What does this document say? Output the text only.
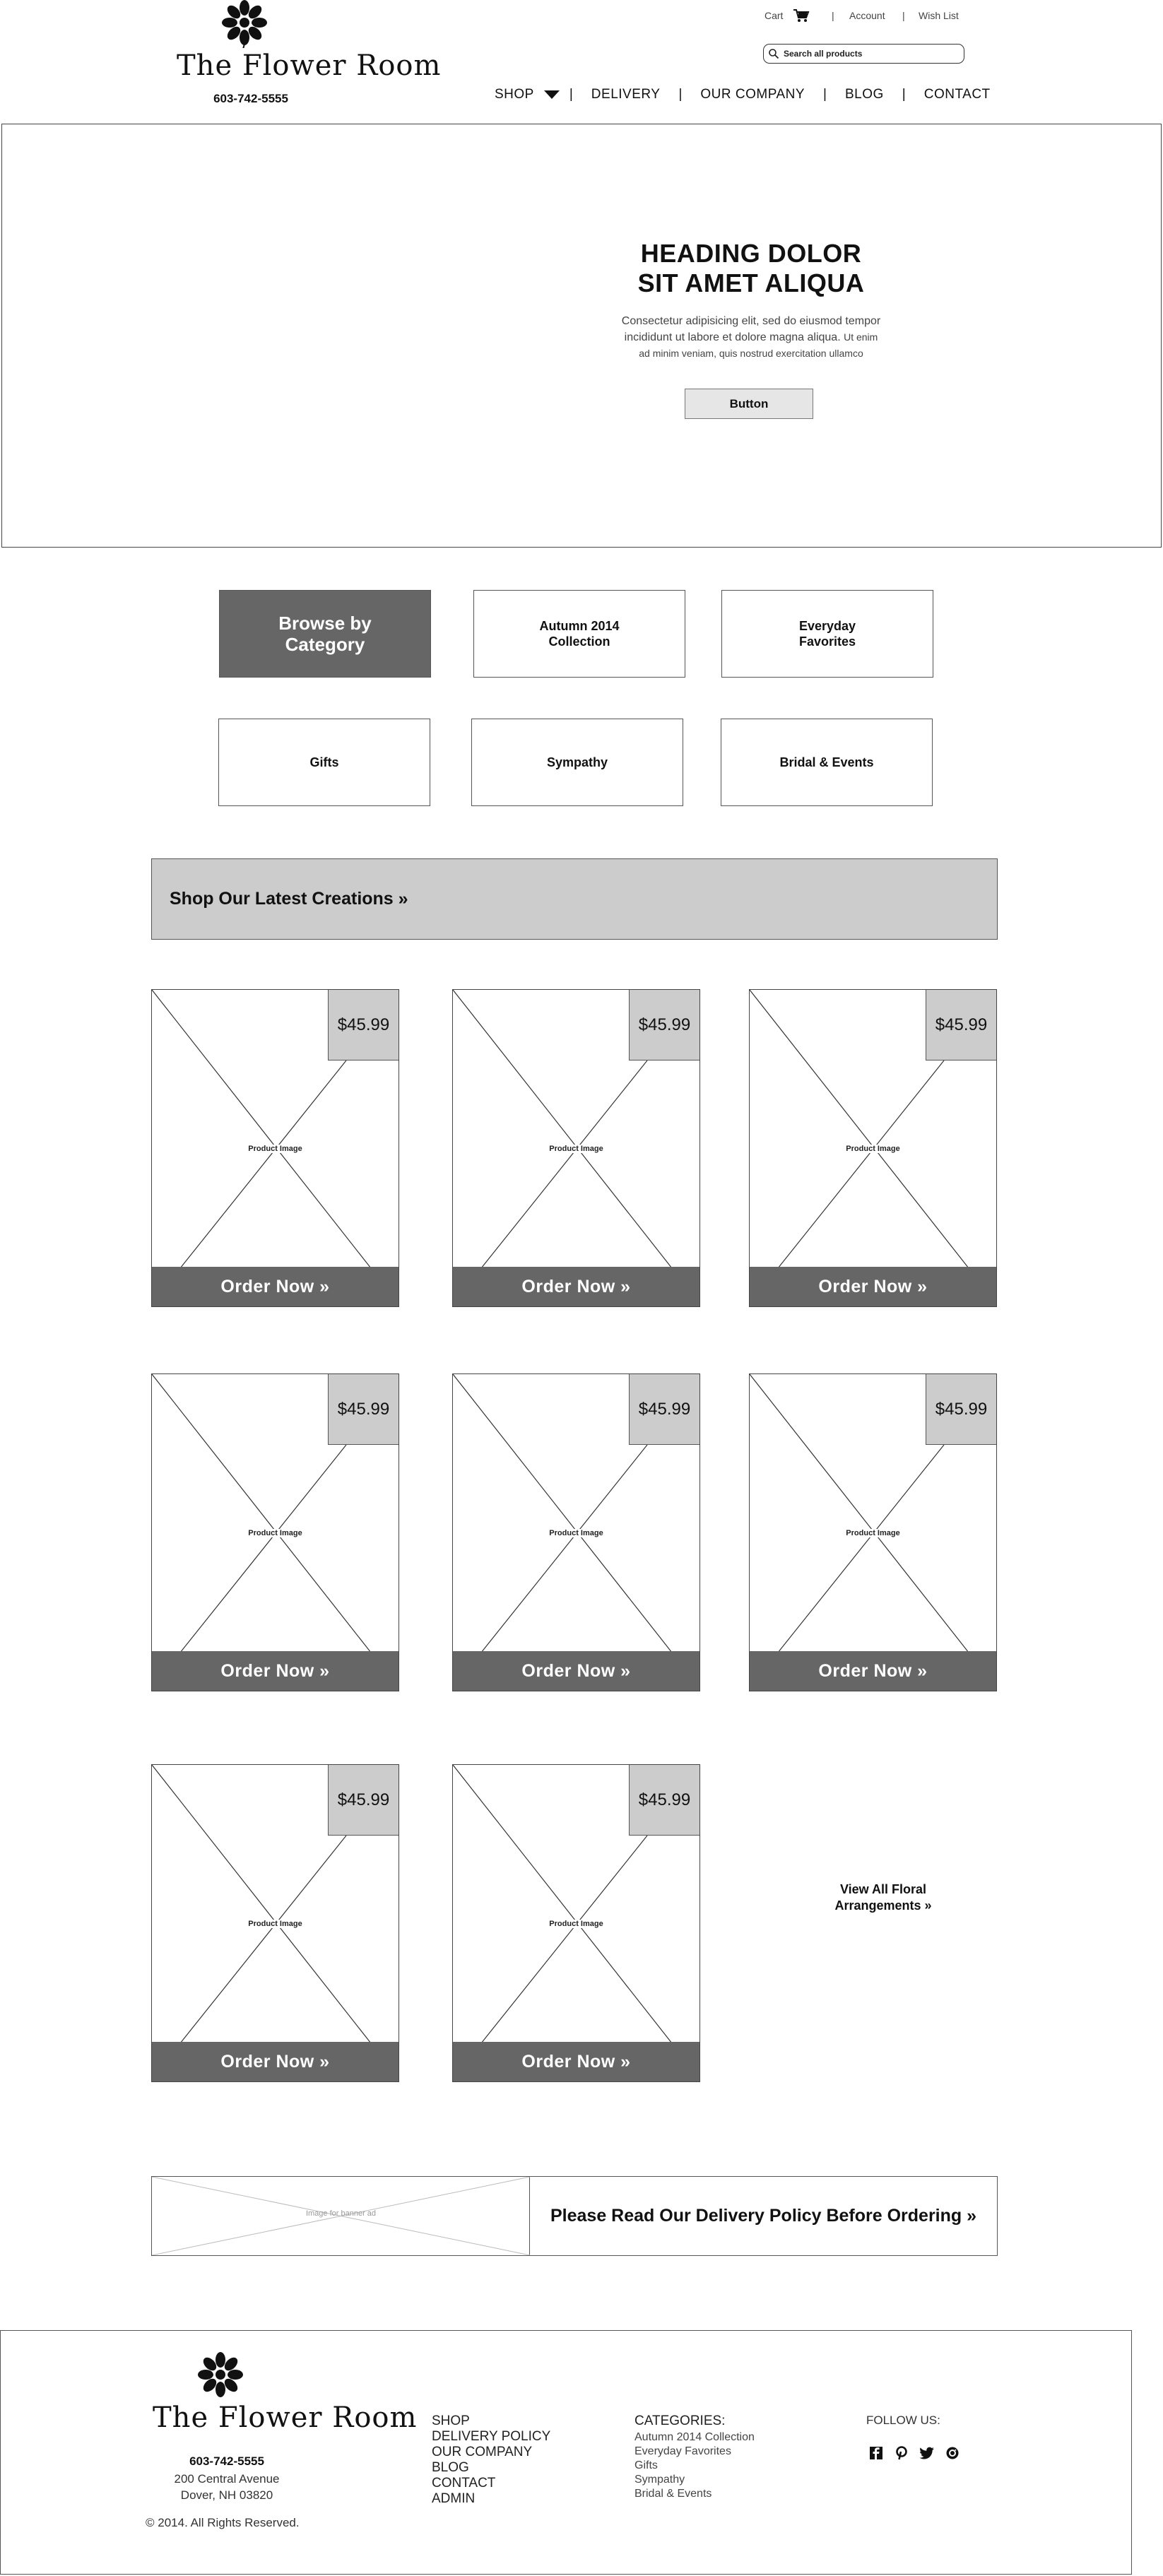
The Flower Room
603-742-5555
Cart	| Account | Wish List
Search all products
SHOP	| DELIVERY | OUR COMPANY | BLOG | CONTACT
HEADING DOLOR
SIT AMET ALIQUA
Consectetur adipisicing elit, sed do eiusmod tempor
incididunt ut labore et dolore magna aliqua. Ut enim
ad minim veniam, quis nostrud exercitation ullamco
Button
Browse by
Category
Autumn 2014
Collection
Everyday
Favorites
Gifts	Sympathy	Bridal & Events
Shop Our Latest Creations »
$45.99
Product Image
Order Now »
$45.99
Product Image
Order Now »
$45.99
Product Image
Order Now »
$45.99
Product Image
Order Now »
$45.99
Product Image
Order Now »
$45.99
Product Image
Order Now »
$45.99
Product Image
Order Now »
$45.99
Product Image
Order Now »
View All Floral
Arrangements »
Image for banner ad	Please Read Our Delivery Policy Before Ordering »
The Flower Room
603-742-5555
200 Central Avenue
Dover, NH 03820
© 2014. All Rights Reserved.
SHOP
DELIVERY POLICY
OUR COMPANY
BLOG
CONTACT
ADMIN
CATEGORIES:
Autumn 2014 Collection
Everyday Favorites
Gifts
Sympathy
Bridal & Events
FOLLOW US:
